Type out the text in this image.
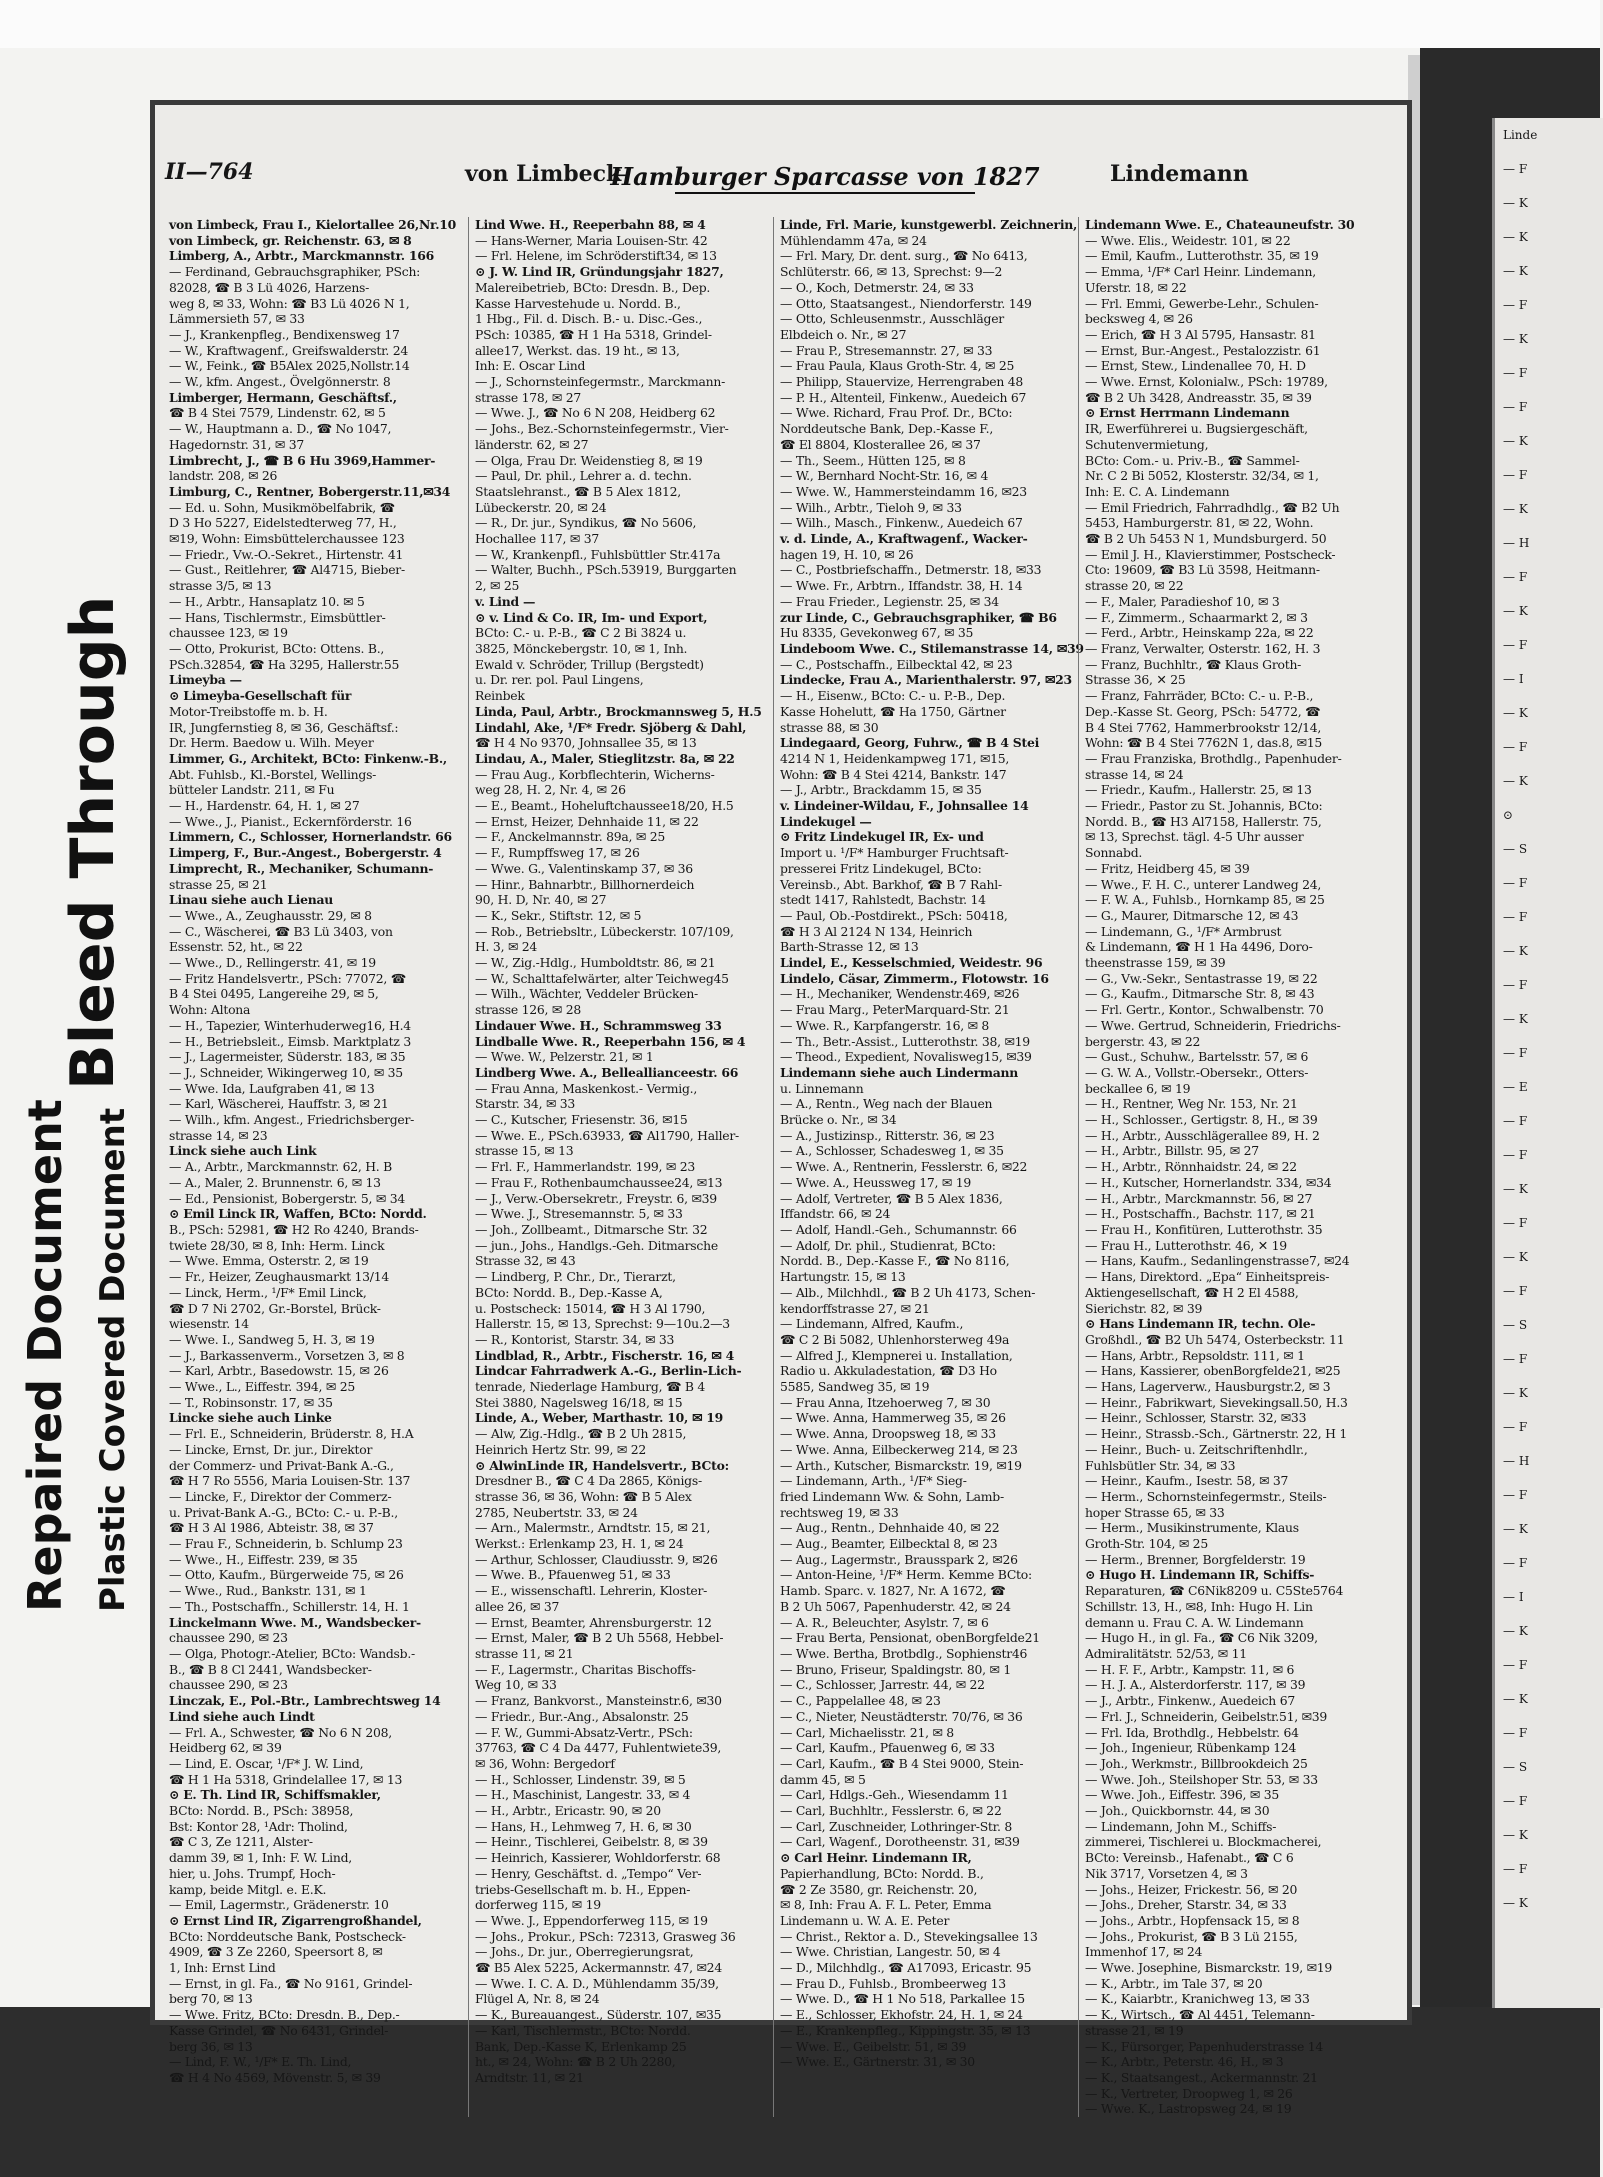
Repaired Document Plastic Covered Document
Bleed Through
II—764	von Limbeck
Hamburger Sparcasse von 1827	Lindemann
von Limbeck, Frau I., Kielortallee 26,Nr.10
von Limbeck, gr. Reichenstr. 63, ✉ 8
Limberg, A., Arbtr., Marckmannstr. 166
— Ferdinand, Gebrauchsgraphiker, PSch:
82028, ☎ B 3 Lü 4026, Harzens-
weg 8, ✉ 33, Wohn: ☎ B3 Lü 4026 N 1,
Lämmersieth 57, ✉ 33
— J., Krankenpfleg., Bendixensweg 17
— W., Kraftwagenf., Greifswalderstr. 24
— W., Feink., ☎ B5Alex 2025,Nollstr.14
— W., kfm. Angest., Övelgönnerstr. 8
Limberger, Hermann, Geschäftsf.,
☎ B 4 Stei 7579, Lindenstr. 62, ✉ 5
— W., Hauptmann a. D., ☎ No 1047,
Hagedornstr. 31, ✉ 37
Limbrecht, J., ☎ B 6 Hu 3969,Hammer-
landstr. 208, ✉ 26
Limburg, C., Rentner, Bobergerstr.11,✉34
— Ed. u. Sohn, Musikmöbelfabrik, ☎
D 3 Ho 5227, Eidelstedterweg 77, H.,
✉19, Wohn: Eimsbüttelerchaussee 123
— Friedr., Vw.-O.-Sekret., Hirtenstr. 41
— Gust., Reitlehrer, ☎ Al4715, Bieber-
strasse 3/5, ✉ 13
— H., Arbtr., Hansaplatz 10. ✉ 5
— Hans, Tischlermstr., Eimsbüttler-
chaussee 123, ✉ 19
— Otto, Prokurist, BCto: Ottens. B.,
PSch.32854, ☎ Ha 3295, Hallerstr.55
Limeyba —
⊙ Limeyba-Gesellschaft für
Motor-Treibstoffe m. b. H.
IR, Jungfernstieg 8, ✉ 36, Geschäftsf.:
Dr. Herm. Baedow u. Wilh. Meyer
Limmer, G., Architekt, BCto: Finkenw.-B.,
Abt. Fuhlsb., Kl.-Borstel, Wellings-
bütteler Landstr. 211, ✉ Fu
— H., Hardenstr. 64, H. 1, ✉ 27
— Wwe., J., Pianist., Eckernförderstr. 16
Limmern, C., Schlosser, Hornerlandstr. 66
Limperg, F., Bur.-Angest., Bobergerstr. 4
Limprecht, R., Mechaniker, Schumann-
strasse 25, ✉ 21
Linau siehe auch Lienau
— Wwe., A., Zeughausstr. 29, ✉ 8
— C., Wäscherei, ☎ B3 Lü 3403, von
Essenstr. 52, ht., ✉ 22
— Wwe., D., Rellingerstr. 41, ✉ 19
— Fritz Handelsvertr., PSch: 77072, ☎
B 4 Stei 0495, Langereihe 29, ✉ 5,
Wohn: Altona
— H., Tapezier, Winterhuderweg16, H.4
— H., Betriebsleit., Eimsb. Marktplatz 3
— J., Lagermeister, Süderstr. 183, ✉ 35
— J., Schneider, Wikingerweg 10, ✉ 35
— Wwe. Ida, Laufgraben 41, ✉ 13
— Karl, Wäscherei, Hauffstr. 3, ✉ 21
— Wilh., kfm. Angest., Friedrichsberger-
strasse 14, ✉ 23
Linck siehe auch Link
— A., Arbtr., Marckmannstr. 62, H. B
— A., Maler, 2. Brunnenstr. 6, ✉ 13
— Ed., Pensionist, Bobergerstr. 5, ✉ 34
⊙ Emil Linck IR, Waffen, BCto: Nordd.
B., PSch: 52981, ☎ H2 Ro 4240, Brands-
twiete 28/30, ✉ 8, Inh: Herm. Linck
— Wwe. Emma, Osterstr. 2, ✉ 19
— Fr., Heizer, Zeughausmarkt 13/14
— Linck, Herm., ¹/F* Emil Linck,
☎ D 7 Ni 2702, Gr.-Borstel, Brück-
wiesenstr. 14
— Wwe. I., Sandweg 5, H. 3, ✉ 19
— J., Barkassenverm., Vorsetzen 3, ✉ 8
— Karl, Arbtr., Basedowstr. 15, ✉ 26
— Wwe., L., Eiffestr. 394, ✉ 25
— T., Robinsonstr. 17, ✉ 35
Lincke siehe auch Linke
— Frl. E., Schneiderin, Brüderstr. 8, H.A
— Lincke, Ernst, Dr. jur., Direktor
der Commerz- und Privat-Bank A.-G.,
☎ H 7 Ro 5556, Maria Louisen-Str. 137
— Lincke, F., Direktor der Commerz-
u. Privat-Bank A.-G., BCto: C.- u. P.-B.,
☎ H 3 Al 1986, Abteistr. 38, ✉ 37
— Frau F., Schneiderin, b. Schlump 23
— Wwe., H., Eiffestr. 239, ✉ 35
— Otto, Kaufm., Bürgerweide 75, ✉ 26
— Wwe., Rud., Bankstr. 131, ✉ 1
— Th., Postschaffn., Schillerstr. 14, H. 1
Linckelmann Wwe. M., Wandsbecker-
chaussee 290, ✉ 23
— Olga, Photogr.-Atelier, BCto: Wandsb.-
B., ☎ B 8 Cl 2441, Wandsbecker-
chaussee 290, ✉ 23
Linczak, E., Pol.-Btr., Lambrechtsweg 14
Lind siehe auch Lindt
— Frl. A., Schwester, ☎ No 6 N 208,
Heidberg 62, ✉ 39
— Lind, E. Oscar, ¹/F* J. W. Lind,
☎ H 1 Ha 5318, Grindelallee 17, ✉ 13
⊙ E. Th. Lind IR, Schiffsmakler,
BCto: Nordd. B., PSch: 38958,
Bst: Kontor 28, ¹Adr: Tholind,
☎ C 3, Ze 1211, Alster-
damm 39, ✉ 1, Inh: F. W. Lind,
hier, u. Johs. Trumpf, Hoch-
kamp, beide Mitgl. e. E.K.
— Emil, Lagermstr., Grädenerstr. 10
⊙ Ernst Lind IR, Zigarrengroßhandel,
BCto: Norddeutsche Bank, Postscheck-
4909, ☎ 3 Ze 2260, Speersort 8, ✉
1, Inh: Ernst Lind
— Ernst, in gl. Fa., ☎ No 9161, Grindel-
berg 70, ✉ 13
— Wwe. Fritz, BCto: Dresdn. B., Dep.-
Kasse Grindel, ☎ No 6431, Grindel-
berg 36, ✉ 13
— Lind, F. W., ¹/F* E. Th. Lind,
☎ H 4 No 4569, Mövenstr. 5, ✉ 39
Lind Wwe. H., Reeperbahn 88, ✉ 4
— Hans-Werner, Maria Louisen-Str. 42
— Frl. Helene, im Schröderstift34, ✉ 13
⊙ J. W. Lind IR, Gründungsjahr 1827,
Malereibetrieb, BCto: Dresdn. B., Dep.
Kasse Harvestehude u. Nordd. B.,
1 Hbg., Fil. d. Disch. B.- u. Disc.-Ges.,
PSch: 10385, ☎ H 1 Ha 5318, Grindel-
allee17, Werkst. das. 19 ht., ✉ 13,
Inh: E. Oscar Lind
— J., Schornsteinfegermstr., Marckmann-
strasse 178, ✉ 27
— Wwe. J., ☎ No 6 N 208, Heidberg 62
— Johs., Bez.-Schornsteinfegermstr., Vier-
länderstr. 62, ✉ 27
— Olga, Frau Dr. Weidenstieg 8, ✉ 19
— Paul, Dr. phil., Lehrer a. d. techn.
Staatslehranst., ☎ B 5 Alex 1812,
Lübeckerstr. 20, ✉ 24
— R., Dr. jur., Syndikus, ☎ No 5606,
Hochallee 117, ✉ 37
— W., Krankenpfl., Fuhlsbüttler Str.417a
— Walter, Buchh., PSch.53919, Burggarten
2, ✉ 25
v. Lind —
⊙ v. Lind & Co. IR, Im- und Export,
BCto: C.- u. P.-B., ☎ C 2 Bi 3824 u.
3825, Mönckebergstr. 10, ✉ 1, Inh.
Ewald v. Schröder, Trillup (Bergstedt)
u. Dr. rer. pol. Paul Lingens,
Reinbek
Linda, Paul, Arbtr., Brockmannsweg 5, H.5
Lindahl, Ake, ¹/F* Fredr. Sjöberg & Dahl,
☎ H 4 No 9370, Johnsallee 35, ✉ 13
Lindau, A., Maler, Stieglitzstr. 8a, ✉ 22
— Frau Aug., Korbflechterin, Wicherns-
weg 28, H. 2, Nr. 4, ✉ 26
— E., Beamt., Hoheluftchaussee18/20, H.5
— Ernst, Heizer, Dehnhaide 11, ✉ 22
— F., Anckelmannstr. 89a, ✉ 25
— F., Rumpffsweg 17, ✉ 26
— Wwe. G., Valentinskamp 37, ✉ 36
— Hinr., Bahnarbtr., Billhornerdeich
90, H. D, Nr. 40, ✉ 27
— K., Sekr., Stiftstr. 12, ✉ 5
— Rob., Betriebsltr., Lübeckerstr. 107/109,
H. 3, ✉ 24
— W., Zig.-Hdlg., Humboldtstr. 86, ✉ 21
— W., Schalttafelwärter, alter Teichweg45
— Wilh., Wächter, Veddeler Brücken-
strasse 126, ✉ 28
Lindauer Wwe. H., Schrammsweg 33
Lindballe Wwe. R., Reeperbahn 156, ✉ 4
— Wwe. W., Pelzerstr. 21, ✉ 1
Lindberg Wwe. A., Belleallianceestr. 66
— Frau Anna, Maskenkost.- Vermig.,
Starstr. 34, ✉ 33
— C., Kutscher, Friesenstr. 36, ✉15
— Wwe. E., PSch.63933, ☎ Al1790, Haller-
strasse 15, ✉ 13
— Frl. F., Hammerlandstr. 199, ✉ 23
— Frau F., Rothenbaumchaussee24, ✉13
— J., Verw.-Obersekretr., Freystr. 6, ✉39
— Wwe. J., Stresemannstr. 5, ✉ 33
— Joh., Zollbeamt., Ditmarsche Str. 32
— jun., Johs., Handlgs.-Geh. Ditmarsche
Strasse 32, ✉ 43
— Lindberg, P. Chr., Dr., Tierarzt,
BCto: Nordd. B., Dep.-Kasse A,
u. Postscheck: 15014, ☎ H 3 Al 1790,
Hallerstr. 15, ✉ 13, Sprechst: 9—10u.2—3
— R., Kontorist, Starstr. 34, ✉ 33
Lindblad, R., Arbtr., Fischerstr. 16, ✉ 4
Lindcar Fahrradwerk A.-G., Berlin-Lich-
tenrade, Niederlage Hamburg, ☎ B 4
Stei 3880, Nagelsweg 16/18, ✉ 15
Linde, A., Weber, Marthastr. 10, ✉ 19
— Alw, Zig.-Hdlg., ☎ B 2 Uh 2815,
Heinrich Hertz Str. 99, ✉ 22
⊙ AlwinLinde IR, Handelsvertr., BCto:
Dresdner B., ☎ C 4 Da 2865, Königs-
strasse 36, ✉ 36, Wohn: ☎ B 5 Alex
2785, Neubertstr. 33, ✉ 24
— Arn., Malermstr., Arndtstr. 15, ✉ 21,
Werkst.: Erlenkamp 23, H. 1, ✉ 24
— Arthur, Schlosser, Claudiusstr. 9, ✉26
— Wwe. B., Pfauenweg 51, ✉ 33
— E., wissenschaftl. Lehrerin, Kloster-
allee 26, ✉ 37
— Ernst, Beamter, Ahrensburgerstr. 12
— Ernst, Maler, ☎ B 2 Uh 5568, Hebbel-
strasse 11, ✉ 21
— F., Lagermstr., Charitas Bischoffs-
Weg 10, ✉ 33
— Franz, Bankvorst., Mansteinstr.6, ✉30
— Friedr., Bur.-Ang., Absalonstr. 25
— F. W., Gummi-Absatz-Vertr., PSch:
37763, ☎ C 4 Da 4477, Fuhlentwiete39,
✉ 36, Wohn: Bergedorf
— H., Schlosser, Lindenstr. 39, ✉ 5
— H., Maschinist, Langestr. 33, ✉ 4
— H., Arbtr., Ericastr. 90, ✉ 20
— Hans, H., Lehmweg 7, H. 6, ✉ 30
— Heinr., Tischlerei, Geibelstr. 8, ✉ 39
— Heinrich, Kassierer, Wohldorferstr. 68
— Henry, Geschäftst. d. „Tempo“ Ver-
triebs-Gesellschaft m. b. H., Eppen-
dorferweg 115, ✉ 19
— Wwe. J., Eppendorferweg 115, ✉ 19
— Johs., Prokur., PSch: 72313, Grasweg 36
— Johs., Dr. jur., Oberregierungsrat,
☎ B5 Alex 5225, Ackermannstr. 47, ✉24
— Wwe. I. C. A. D., Mühlendamm 35/39,
Flügel A, Nr. 8, ✉ 24
— K., Bureauangest., Süderstr. 107, ✉35
— Karl, Tischlermstr., BCto: Nordd.
Bank, Dep.-Kasse K, Erlenkamp 25
ht., ✉ 24, Wohn: ☎ B 2 Uh 2280,
Arndtstr. 11, ✉ 21
Linde, Frl. Marie, kunstgewerbl. Zeichnerin,
Mühlendamm 47a, ✉ 24
— Frl. Mary, Dr. dent. surg., ☎ No 6413,
Schlüterstr. 66, ✉ 13, Sprechst: 9—2
— O., Koch, Detmerstr. 24, ✉ 33
— Otto, Staatsangest., Niendorferstr. 149
— Otto, Schleusenmstr., Ausschläger
Elbdeich o. Nr., ✉ 27
— Frau P., Stresemannstr. 27, ✉ 33
— Frau Paula, Klaus Groth-Str. 4, ✉ 25
— Philipp, Stauervize, Herrengraben 48
— P. H., Altenteil, Finkenw., Auedeich 67
— Wwe. Richard, Frau Prof. Dr., BCto:
Norddeutsche Bank, Dep.-Kasse F.,
☎ El 8804, Klosterallee 26, ✉ 37
— Th., Seem., Hütten 125, ✉ 8
— W., Bernhard Nocht-Str. 16, ✉ 4
— Wwe. W., Hammersteindamm 16, ✉23
— Wilh., Arbtr., Tieloh 9, ✉ 33
— Wilh., Masch., Finkenw., Auedeich 67
v. d. Linde, A., Kraftwagenf., Wacker-
hagen 19, H. 10, ✉ 26
— C., Postbriefschaffn., Detmerstr. 18, ✉33
— Wwe. Fr., Arbtrn., Iffandstr. 38, H. 14
— Frau Frieder., Legienstr. 25, ✉ 34
zur Linde, C., Gebrauchsgraphiker, ☎ B6
Hu 8335, Gevekonweg 67, ✉ 35
Lindeboom Wwe. C., Stilemanstrasse 14, ✉39
— C., Postschaffn., Eilbecktal 42, ✉ 23
Lindecke, Frau A., Marienthalerstr. 97, ✉23
— H., Eisenw., BCto: C.- u. P.-B., Dep.
Kasse Hohelutt, ☎ Ha 1750, Gärtner
strasse 88, ✉ 30
Lindegaard, Georg, Fuhrw., ☎ B 4 Stei
4214 N 1, Heidenkampweg 171, ✉15,
Wohn: ☎ B 4 Stei 4214, Bankstr. 147
— J., Arbtr., Brackdamm 15, ✉ 35
v. Lindeiner-Wildau, F., Johnsallee 14
Lindekugel —
⊙ Fritz Lindekugel IR, Ex- und
Import u. ¹/F* Hamburger Fruchtsaft-
presserei Fritz Lindekugel, BCto:
Vereinsb., Abt. Barkhof, ☎ B 7 Rahl-
stedt 1417, Rahlstedt, Bachstr. 14
— Paul, Ob.-Postdirekt., PSch: 50418,
☎ H 3 Al 2124 N 134, Heinrich
Barth-Strasse 12, ✉ 13
Lindel, E., Kesselschmied, Weidestr. 96
Lindelo, Cäsar, Zimmerm., Flotowstr. 16
— H., Mechaniker, Wendenstr.469, ✉26
— Frau Marg., PeterMarquard-Str. 21
— Wwe. R., Karpfangerstr. 16, ✉ 8
— Th., Betr.-Assist., Lutterothstr. 38, ✉19
— Theod., Expedient, Novalisweg15, ✉39
Lindemann siehe auch Lindermann
u. Linnemann
— A., Rentn., Weg nach der Blauen
Brücke o. Nr., ✉ 34
— A., Justizinsp., Ritterstr. 36, ✉ 23
— A., Schlosser, Schadesweg 1, ✉ 35
— Wwe. A., Rentnerin, Fesslerstr. 6, ✉22
— Wwe. A., Heussweg 17, ✉ 19
— Adolf, Vertreter, ☎ B 5 Alex 1836,
Iffandstr. 66, ✉ 24
— Adolf, Handl.-Geh., Schumannstr. 66
— Adolf, Dr. phil., Studienrat, BCto:
Nordd. B., Dep.-Kasse F., ☎ No 8116,
Hartungstr. 15, ✉ 13
— Alb., Milchhdl., ☎ B 2 Uh 4173, Schen-
kendorffstrasse 27, ✉ 21
— Lindemann, Alfred, Kaufm.,
☎ C 2 Bi 5082, Uhlenhorsterweg 49a
— Alfred J., Klempnerei u. Installation,
Radio u. Akkuladestation, ☎ D3 Ho
5585, Sandweg 35, ✉ 19
— Frau Anna, Itzehoerweg 7, ✉ 30
— Wwe. Anna, Hammerweg 35, ✉ 26
— Wwe. Anna, Droopsweg 18, ✉ 33
— Wwe. Anna, Eilbeckerweg 214, ✉ 23
— Arth., Kutscher, Bismarckstr. 19, ✉19
— Lindemann, Arth., ¹/F* Sieg-
fried Lindemann Ww. & Sohn, Lamb-
rechtsweg 19, ✉ 33
— Aug., Rentn., Dehnhaide 40, ✉ 22
— Aug., Beamter, Eilbecktal 8, ✉ 23
— Aug., Lagermstr., Brausspark 2, ✉26
— Anton-Heine, ¹/F* Herm. Kemme BCto:
Hamb. Sparc. v. 1827, Nr. A 1672, ☎
B 2 Uh 5067, Papenhuderstr. 42, ✉ 24
— A. R., Beleuchter, Asylstr. 7, ✉ 6
— Frau Berta, Pensionat, obenBorgfelde21
— Wwe. Bertha, Brotbdlg., Sophienstr46
— Bruno, Friseur, Spaldingstr. 80, ✉ 1
— C., Schlosser, Jarrestr. 44, ✉ 22
— C., Pappelallee 48, ✉ 23
— C., Nieter, Neustädterstr. 70/76, ✉ 36
— Carl, Michaelisstr. 21, ✉ 8
— Carl, Kaufm., Pfauenweg 6, ✉ 33
— Carl, Kaufm., ☎ B 4 Stei 9000, Stein-
damm 45, ✉ 5
— Carl, Hdlgs.-Geh., Wiesendamm 11
— Carl, Buchhltr., Fesslerstr. 6, ✉ 22
— Carl, Zuschneider, Lothringer-Str. 8
— Carl, Wagenf., Dorotheenstr. 31, ✉39
⊙ Carl Heinr. Lindemann IR,
Papierhandlung, BCto: Nordd. B.,
☎ 2 Ze 3580, gr. Reichenstr. 20,
✉ 8, Inh: Frau A. F. L. Peter, Emma
Lindemann u. W. A. E. Peter
— Christ., Rektor a. D., Stevekingsallee 13
— Wwe. Christian, Langestr. 50, ✉ 4
— D., Milchhdlg., ☎ A17093, Ericastr. 95
— Frau D., Fuhlsb., Brombeerweg 13
— Wwe. D., ☎ H 1 No 518, Parkallee 15
— E., Schlosser, Ekhofstr. 24, H. 1, ✉ 24
— E., Krankenpfleg., Kippingstr. 35, ✉ 13
— Wwe. E., Geibelstr. 51, ✉ 39
— Wwe. E., Gärtnerstr. 31, ✉ 30
Lindemann Wwe. E., Chateauneufstr. 30
— Wwe. Elis., Weidestr. 101, ✉ 22
— Emil, Kaufm., Lutterothstr. 35, ✉ 19
— Emma, ¹/F* Carl Heinr. Lindemann,
Uferstr. 18, ✉ 22
— Frl. Emmi, Gewerbe-Lehr., Schulen-
becksweg 4, ✉ 26
— Erich, ☎ H 3 Al 5795, Hansastr. 81
— Ernst, Bur.-Angest., Pestalozzistr. 61
— Ernst, Stew., Lindenallee 70, H. D
— Wwe. Ernst, Kolonialw., PSch: 19789,
☎ B 2 Uh 3428, Andreasstr. 35, ✉ 39
⊙ Ernst Herrmann Lindemann
IR, Ewerführerei u. Bugsiergeschäft,
Schutenvermietung,
BCto: Com.- u. Priv.-B., ☎ Sammel-
Nr. C 2 Bi 5052, Klosterstr. 32/34, ✉ 1,
Inh: E. C. A. Lindemann
— Emil Friedrich, Fahrradhdlg., ☎ B2 Uh
5453, Hamburgerstr. 81, ✉ 22, Wohn.
☎ B 2 Uh 5453 N 1, Mundsburgerd. 50
— Emil J. H., Klavierstimmer, Postscheck-
Cto: 19609, ☎ B3 Lü 3598, Heitmann-
strasse 20, ✉ 22
— F., Maler, Paradieshof 10, ✉ 3
— F., Zimmerm., Schaarmarkt 2, ✉ 3
— Ferd., Arbtr., Heinskamp 22a, ✉ 22
— Franz, Verwalter, Osterstr. 162, H. 3
— Franz, Buchhltr., ☎ Klaus Groth-
Strasse 36, ✕ 25
— Franz, Fahrräder, BCto: C.- u. P.-B.,
Dep.-Kasse St. Georg, PSch: 54772, ☎
B 4 Stei 7762, Hammerbrookstr 12/14,
Wohn: ☎ B 4 Stei 7762N 1, das.8, ✉15
— Frau Franziska, Brothdlg., Papenhuder-
strasse 14, ✉ 24
— Friedr., Kaufm., Hallerstr. 25, ✉ 13
— Friedr., Pastor zu St. Johannis, BCto:
Nordd. B., ☎ H3 Al7158, Hallerstr. 75,
✉ 13, Sprechst. tägl. 4-5 Uhr ausser
Sonnabd.
— Fritz, Heidberg 45, ✉ 39
— Wwe., F. H. C., unterer Landweg 24,
— F. W. A., Fuhlsb., Hornkamp 85, ✉ 25
— G., Maurer, Ditmarsche 12, ✉ 43
— Lindemann, G., ¹/F* Armbrust
& Lindemann, ☎ H 1 Ha 4496, Doro-
theenstrasse 159, ✉ 39
— G., Vw.-Sekr., Sentastrasse 19, ✉ 22
— G., Kaufm., Ditmarsche Str. 8, ✉ 43
— Frl. Gertr., Kontor., Schwalbenstr. 70
— Wwe. Gertrud, Schneiderin, Friedrichs-
bergerstr. 43, ✉ 22
— Gust., Schuhw., Bartelsstr. 57, ✉ 6
— G. W. A., Vollstr.-Obersekr., Otters-
beckallee 6, ✉ 19
— H., Rentner, Weg Nr. 153, Nr. 21
— H., Schlosser., Gertigstr. 8, H., ✉ 39
— H., Arbtr., Ausschlägerallee 89, H. 2
— H., Arbtr., Billstr. 95, ✉ 27
— H., Arbtr., Rönnhaidstr. 24, ✉ 22
— H., Kutscher, Hornerlandstr. 334, ✉34
— H., Arbtr., Marckmannstr. 56, ✉ 27
— H., Postschaffn., Bachstr. 117, ✉ 21
— Frau H., Konfitüren, Lutterothstr. 35
— Frau H., Lutterothstr. 46, ✕ 19
— Hans, Kaufm., Sedanlingenstrasse7, ✉24
— Hans, Direktord. „Epa“ Einheitspreis-
Aktiengesellschaft, ☎ H 2 El 4588,
Sierichstr. 82, ✉ 39
⊙ Hans Lindemann IR, techn. Ole-
Großhdl., ☎ B2 Uh 5474, Osterbeckstr. 11
— Hans, Arbtr., Repsoldstr. 111, ✉ 1
— Hans, Kassierer, obenBorgfelde21, ✉25
— Hans, Lagerverw., Hausburgstr.2, ✉ 3
— Heinr., Fabrikwart, Sievekingsall.50, H.3
— Heinr., Schlosser, Starstr. 32, ✉33
— Heinr., Strassb.-Sch., Gärtnerstr. 22, H 1
— Heinr., Buch- u. Zeitschriftenhdlr.,
Fuhlsbütler Str. 34, ✉ 33
— Heinr., Kaufm., Isestr. 58, ✉ 37
— Herm., Schornsteinfegermstr., Steils-
hoper Strasse 65, ✉ 33
— Herm., Musikinstrumente, Klaus
Groth-Str. 104, ✉ 25
— Herm., Brenner, Borgfelderstr. 19
⊙ Hugo H. Lindemann IR, Schiffs-
Reparaturen, ☎ C6Nik8209 u. C5Ste5764
Schillstr. 13, H., ✉8, Inh: Hugo H. Lin
demann u. Frau C. A. W. Lindemann
— Hugo H., in gl. Fa., ☎ C6 Nik 3209,
Admiralitätstr. 52/53, ✉ 11
— H. F. F., Arbtr., Kampstr. 11, ✉ 6
— H. J. A., Alsterdorferstr. 117, ✉ 39
— J., Arbtr., Finkenw., Auedeich 67
— Frl. J., Schneiderin, Geibelstr.51, ✉39
— Frl. Ida, Brothdlg., Hebbelstr. 64
— Joh., Ingenieur, Rübenkamp 124
— Joh., Werkmstr., Billbrookdeich 25
— Wwe. Joh., Steilshoper Str. 53, ✉ 33
— Wwe. Joh., Eiffestr. 396, ✉ 35
— Joh., Quickbornstr. 44, ✉ 30
— Lindemann, John M., Schiffs-
zimmerei, Tischlerei u. Blockmacherei,
BCto: Vereinsb., Hafenabt., ☎ C 6
Nik 3717, Vorsetzen 4, ✉ 3
— Johs., Heizer, Frickestr. 56, ✉ 20
— Johs., Dreher, Starstr. 34, ✉ 33
— Johs., Arbtr., Hopfensack 15, ✉ 8
— Johs., Prokurist, ☎ B 3 Lü 2155,
Immenhof 17, ✉ 24
— Wwe. Josephine, Bismarckstr. 19, ✉19
— K., Arbtr., im Tale 37, ✉ 20
— K., Kaiarbtr., Kranichweg 13, ✉ 33
— K., Wirtsch., ☎ Al 4451, Telemann-
strasse 21, ✉ 19
— K., Fürsorger, Papenhuderstrasse 14
— K., Arbtr., Peterstr. 46, H., ✉ 3
— K., Staatsangest., Ackermannstr. 21
— K., Vertreter, Droopweg 1, ✉ 26
— Wwe. K., Lastropsweg 24, ✉ 19
Linde
— F
— K
— K
— K
— F
— K
— F
— F
— K
— F
— K
— H
— F
— K
— F
— I
— K
— F
— K
⊙
— S
— F
— F
— K
— F
— K
— F
— E
— F
— F
— K
— F
— K
— F
— S
— F
— K
— F
— H
— F
— K
— F
— I
— K
— F
— K
— F
— S
— F
— K
— F
— K
